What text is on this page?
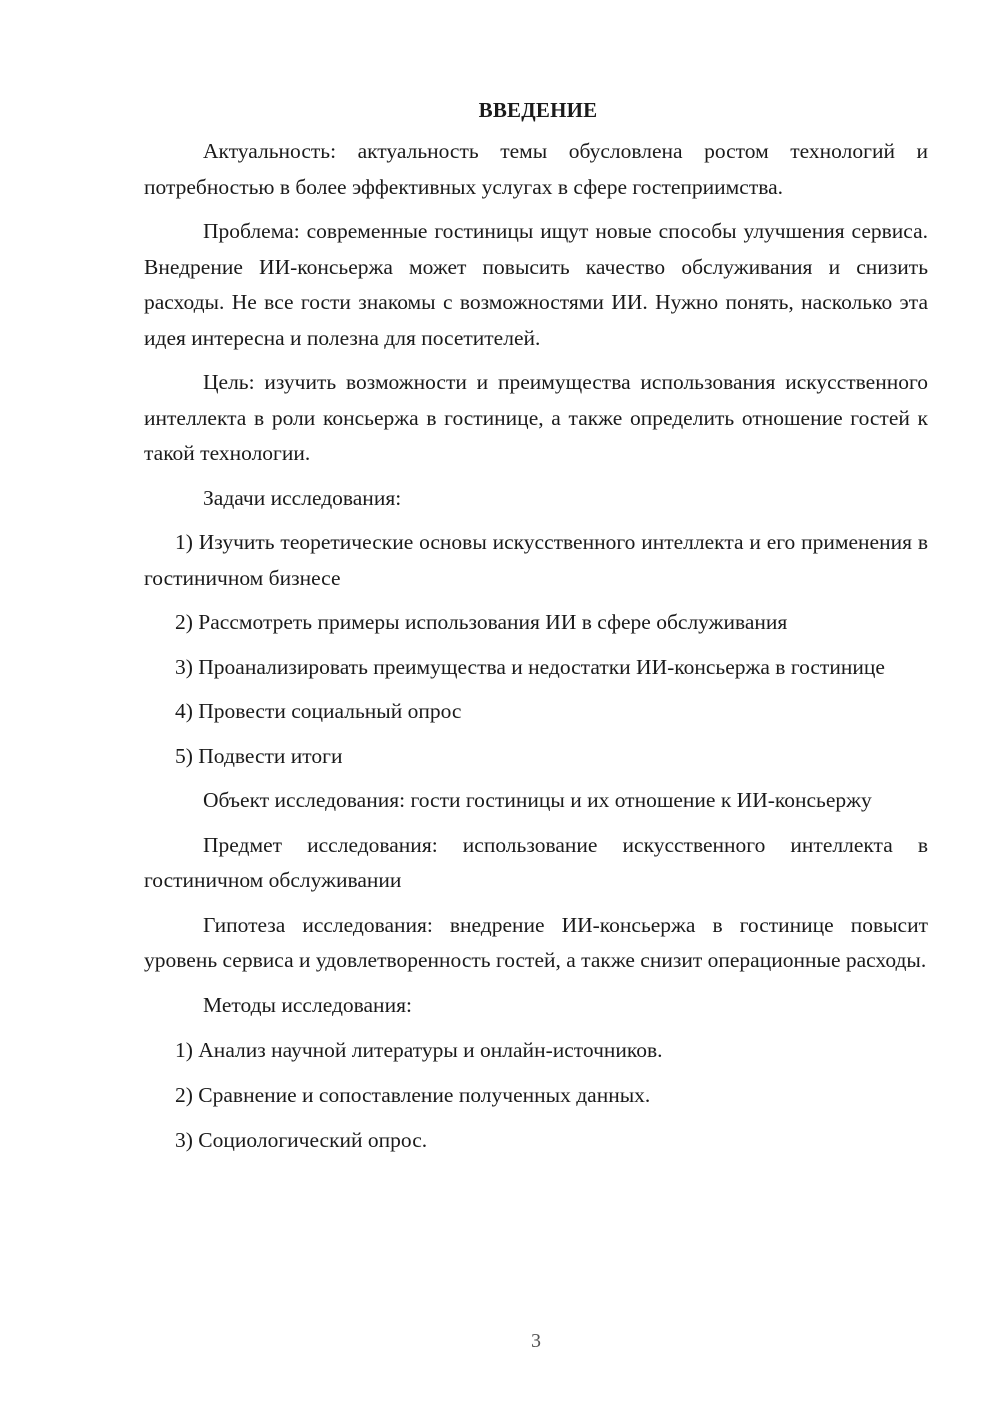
ВВЕДЕНИЕ

Актуальность: актуальность темы обусловлена ростом технологий и потребностью в более эффективных услугах в сфере гостеприимства.

Проблема: современные гостиницы ищут новые способы улучшения сервиса. Внедрение ИИ-консьержа может повысить качество обслуживания и снизить расходы. Не все гости знакомы с возможностями ИИ. Нужно понять, насколько эта идея интересна и полезна для посетителей.

Цель: изучить возможности и преимущества использования искусственного интеллекта в роли консьержа в гостинице, а также определить отношение гостей к такой технологии.

Задачи исследования:

1) Изучить теоретические основы искусственного интеллекта и его применения в гостиничном бизнесе

2) Рассмотреть примеры использования ИИ в сфере обслуживания

3) Проанализировать преимущества и недостатки ИИ-консьержа в гостинице

4) Провести социальный опрос

5) Подвести итоги

Объект исследования: гости гостиницы и их отношение к ИИ-консьержу

Предмет исследования: использование искусственного интеллекта в гостиничном обслуживании

Гипотеза исследования: внедрение ИИ-консьержа в гостинице повысит уровень сервиса и удовлетворенность гостей, а также снизит операционные расходы.

Методы исследования:

1) Анализ научной литературы и онлайн-источников.

2) Сравнение и сопоставление полученных данных.

3) Социологический опрос.

3
